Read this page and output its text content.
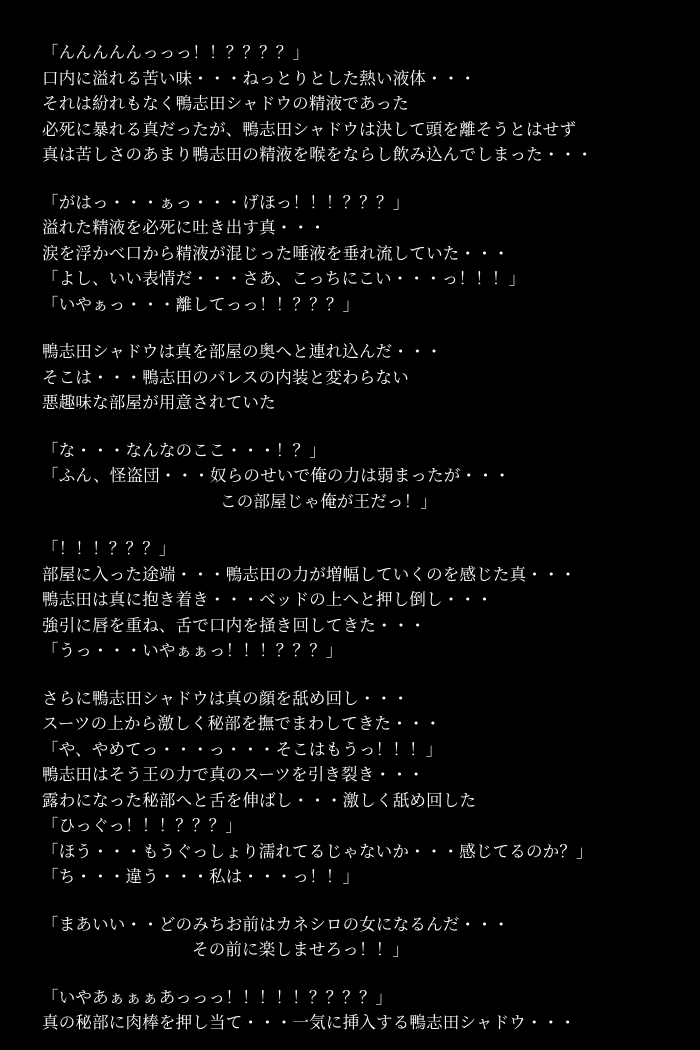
「んんんんんっっっ！！？？？？」
口内に溢れる苦い味・・・ねっとりとした熱い液体・・・
それは紛れもなく鴨志田シャドウの精液であった
必死に暴れる真だったが、鴨志田シャドウは決して頭を離そうとはせず
真は苦しさのあまり鴨志田の精液を喉をならし飲み込んでしまった・・・
「がはっ・・・ぁっ・・・げほっ！！！？？？」
溢れた精液を必死に吐き出す真・・・
涙を浮かべ口から精液が混じった唾液を垂れ流していた・・・
「よし、いい表情だ・・・さあ、こっちにこい・・・っ！！！」
「いやぁっ・・・離してっっ！！？？？」
鴨志田シャドウは真を部屋の奥へと連れ込んだ・・・
そこは・・・鴨志田のパレスの内装と変わらない
悪趣味な部屋が用意されていた
「な・・・なんなのここ・・・！？」
「ふん、怪盗団・・・奴らのせいで俺の力は弱まったが・・・
この部屋じゃ俺が王だっ！」
「！！！？？？」
部屋に入った途端・・・鴨志田の力が増幅していくのを感じた真・・・
鴨志田は真に抱き着き・・・ベッドの上へと押し倒し・・・
強引に唇を重ね、舌で口内を掻き回してきた・・・
「うっ・・・いやぁぁっ！！！？？？」
さらに鴨志田シャドウは真の顔を舐め回し・・・
スーツの上から激しく秘部を撫でまわしてきた・・・
「や、やめてっ・・・っ・・・そこはもうっ！！！」
鴨志田はそう王の力で真のスーツを引き裂き・・・
露わになった秘部へと舌を伸ばし・・・激しく舐め回した
「ひっぐっ！！！？？？」
「ほう・・・もうぐっしょり濡れてるじゃないか・・・感じてるのか？」
「ち・・・違う・・・私は・・・っ！！」
「まあいい・・どのみちお前はカネシロの女になるんだ・・・
その前に楽しませろっ！！」
「いやあぁぁぁあっっっ！！！！！？？？？」
真の秘部に肉棒を押し当て・・・一気に挿入する鴨志田シャドウ・・・
